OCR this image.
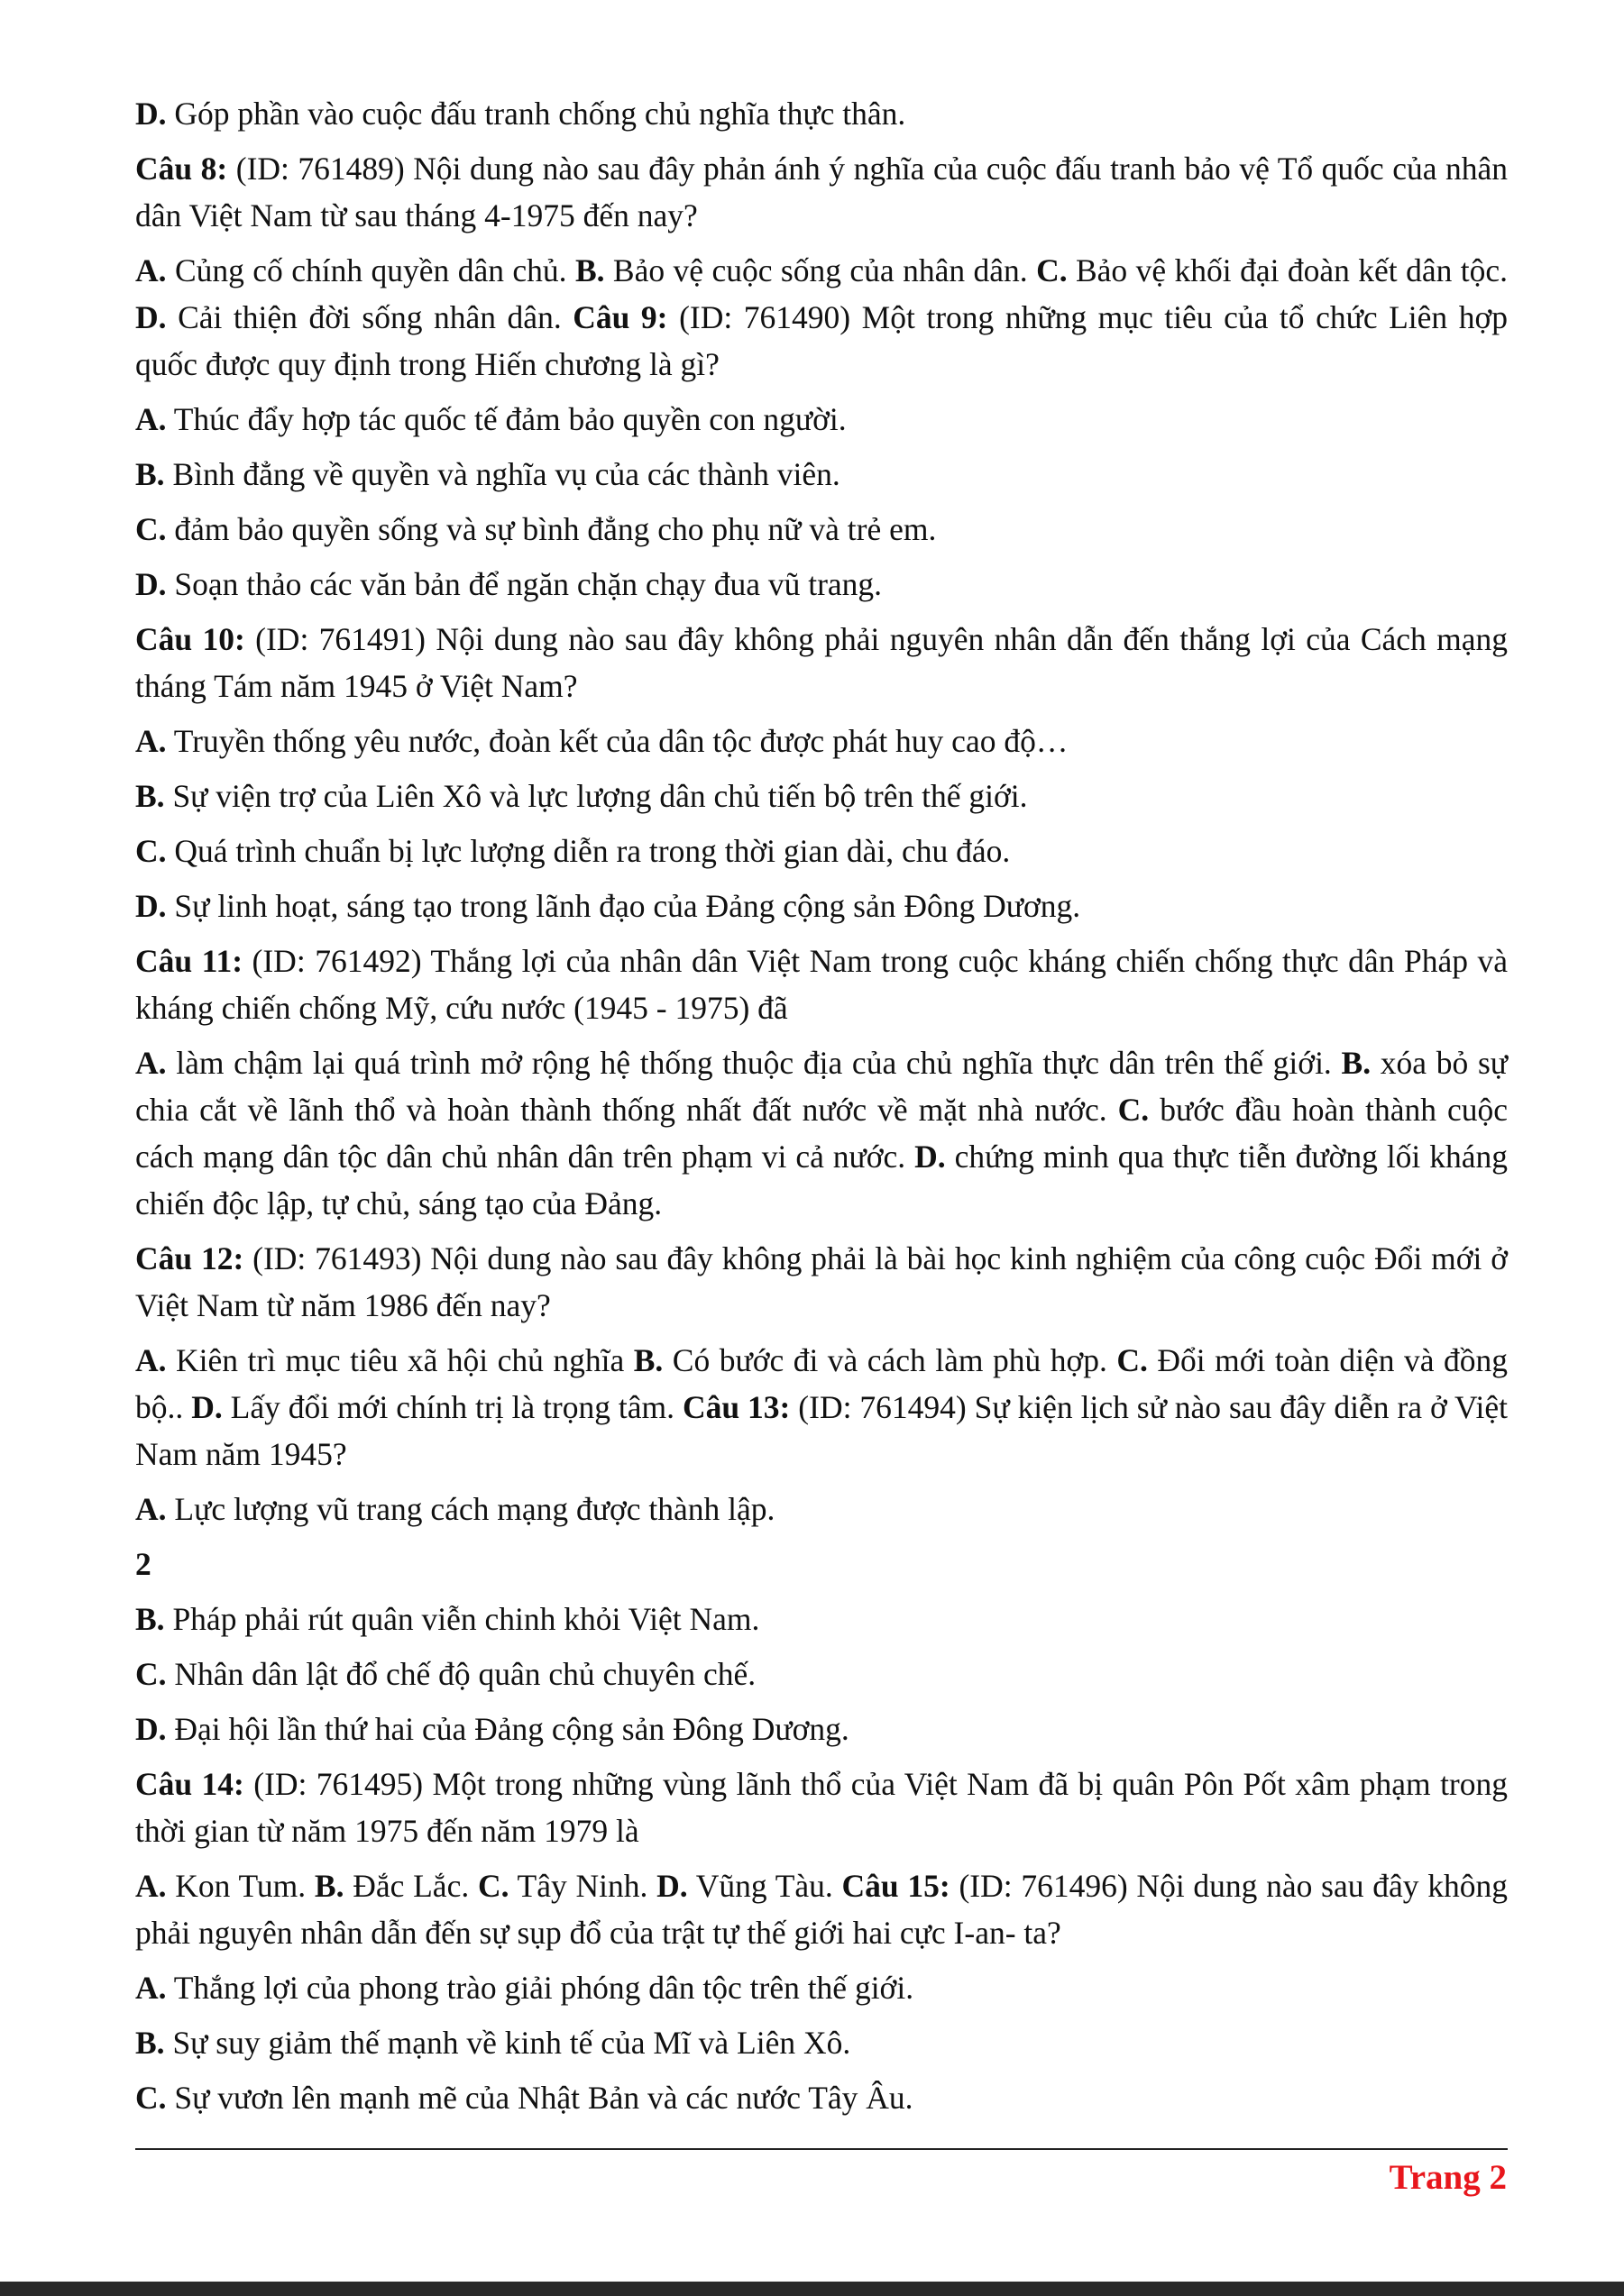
D. Góp phần vào cuộc đấu tranh chống chủ nghĩa thực thân.

Câu 8: (ID: 761489) Nội dung nào sau đây phản ánh ý nghĩa của cuộc đấu tranh bảo vệ Tổ quốc của nhân dân Việt Nam từ sau tháng 4-1975 đến nay?

A. Củng cố chính quyền dân chủ. B. Bảo vệ cuộc sống của nhân dân. C. Bảo vệ khối đại đoàn kết dân tộc. D. Cải thiện đời sống nhân dân. Câu 9: (ID: 761490) Một trong những mục tiêu của tổ chức Liên hợp quốc được quy định trong Hiến chương là gì?

A. Thúc đẩy hợp tác quốc tế đảm bảo quyền con người.

B. Bình đẳng về quyền và nghĩa vụ của các thành viên.

C. đảm bảo quyền sống và sự bình đẳng cho phụ nữ và trẻ em.

D. Soạn thảo các văn bản để ngăn chặn chạy đua vũ trang.

Câu 10: (ID: 761491) Nội dung nào sau đây không phải nguyên nhân dẫn đến thắng lợi của Cách mạng tháng Tám năm 1945 ở Việt Nam?

A. Truyền thống yêu nước, đoàn kết của dân tộc được phát huy cao độ…

B. Sự viện trợ của Liên Xô và lực lượng dân chủ tiến bộ trên thế giới.

C. Quá trình chuẩn bị lực lượng diễn ra trong thời gian dài, chu đáo.

D. Sự linh hoạt, sáng tạo trong lãnh đạo của Đảng cộng sản Đông Dương.

Câu 11: (ID: 761492) Thắng lợi của nhân dân Việt Nam trong cuộc kháng chiến chống thực dân Pháp và kháng chiến chống Mỹ, cứu nước (1945 - 1975) đã

A. làm chậm lại quá trình mở rộng hệ thống thuộc địa của chủ nghĩa thực dân trên thế giới. B. xóa bỏ sự chia cắt về lãnh thổ và hoàn thành thống nhất đất nước về mặt nhà nước. C. bước đầu hoàn thành cuộc cách mạng dân tộc dân chủ nhân dân trên phạm vi cả nước. D. chứng minh qua thực tiễn đường lối kháng chiến độc lập, tự chủ, sáng tạo của Đảng.

Câu 12: (ID: 761493) Nội dung nào sau đây không phải là bài học kinh nghiệm của công cuộc Đổi mới ở Việt Nam từ năm 1986 đến nay?

A. Kiên trì mục tiêu xã hội chủ nghĩa B. Có bước đi và cách làm phù hợp. C. Đổi mới toàn diện và đồng bộ.. D. Lấy đổi mới chính trị là trọng tâm. Câu 13: (ID: 761494) Sự kiện lịch sử nào sau đây diễn ra ở Việt Nam năm 1945?

A. Lực lượng vũ trang cách mạng được thành lập.

2

B. Pháp phải rút quân viễn chinh khỏi Việt Nam.

C. Nhân dân lật đổ chế độ quân chủ chuyên chế.

D. Đại hội lần thứ hai của Đảng cộng sản Đông Dương.

Câu 14: (ID: 761495) Một trong những vùng lãnh thổ của Việt Nam đã bị quân Pôn Pốt xâm phạm trong thời gian từ năm 1975 đến năm 1979 là

A. Kon Tum. B. Đắc Lắc. C. Tây Ninh. D. Vũng Tàu. Câu 15: (ID: 761496) Nội dung nào sau đây không phải nguyên nhân dẫn đến sự sụp đổ của trật tự thế giới hai cực I-an- ta?

A. Thắng lợi của phong trào giải phóng dân tộc trên thế giới.

B. Sự suy giảm thế mạnh về kinh tế của Mĩ và Liên Xô.

C. Sự vươn lên mạnh mẽ của Nhật Bản và các nước Tây Âu.

Trang 2
